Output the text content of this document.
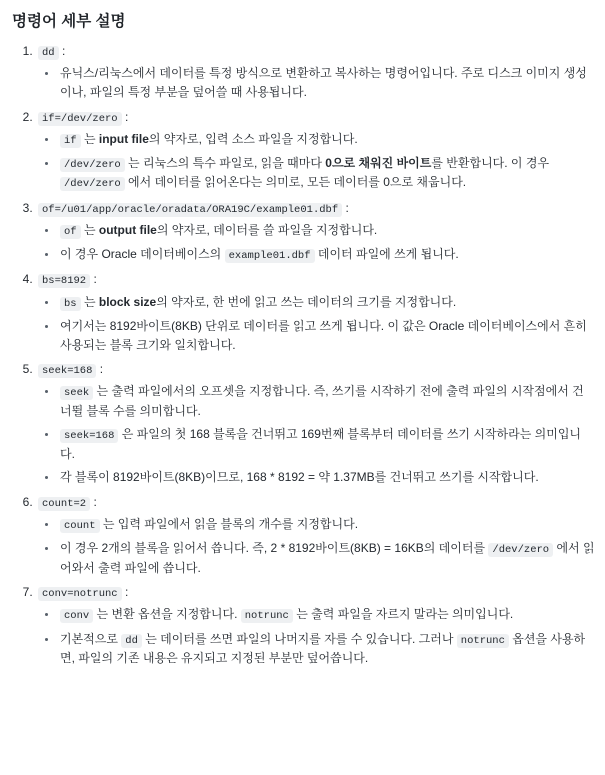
명령어 세부 설명
1. dd :
• 유닉스/리눅스에서 데이터를 특정 방식으로 변환하고 복사하는 명령어입니다. 주로 디스크 이미지 생성이나, 파일의 특정 부분을 덮어쓸 때 사용됩니다.
2. if=/dev/zero :
• if 는 input file의 약자로, 입력 소스 파일을 지정합니다.
• /dev/zero 는 리눅스의 특수 파일로, 읽을 때마다 0으로 채워진 바이트를 반환합니다. 이 경우 /dev/zero 에서 데이터를 읽어온다는 의미로, 모든 데이터를 0으로 채웁니다.
3. of=/u01/app/oracle/oradata/ORA19C/example01.dbf :
• of 는 output file의 약자로, 데이터를 쓸 파일을 지정합니다.
• 이 경우 Oracle 데이터베이스의 example01.dbf 데이터 파일에 쓰게 됩니다.
4. bs=8192 :
• bs 는 block size의 약자로, 한 번에 읽고 쓰는 데이터의 크기를 지정합니다.
• 여기서는 8192바이트(8KB) 단위로 데이터를 읽고 쓰게 됩니다. 이 값은 Oracle 데이터베이스에서 흔히 사용되는 블록 크기와 일치합니다.
5. seek=168 :
• seek 는 출력 파일에서의 오프셋을 지정합니다. 즉, 쓰기를 시작하기 전에 출력 파일의 시작점에서 건너뛸 블록 수를 의미합니다.
• seek=168 은 파일의 첫 168 블록을 건너뛰고 169번째 블록부터 데이터를 쓰기 시작하라는 의미입니다.
• 각 블록이 8192바이트(8KB)이므로, 168 * 8192 = 약 1.37MB를 건너뛰고 쓰기를 시작합니다.
6. count=2 :
• count 는 입력 파일에서 읽을 블록의 개수를 지정합니다.
• 이 경우 2개의 블록을 읽어서 씁니다. 즉, 2 * 8192바이트(8KB) = 16KB의 데이터를 /dev/zero 에서 읽어와서 출력 파일에 씁니다.
7. conv=notrunc :
• conv 는 변환 옵션을 지정합니다. notrunc 는 출력 파일을 자르지 말라는 의미입니다.
• 기본적으로 dd 는 데이터를 쓰면 파일의 나머지를 자를 수 있습니다. 그러나 notrunc 옵션을 사용하면, 파일의 기존 내용은 유지되고 지정된 부분만 덮어씁니다.
